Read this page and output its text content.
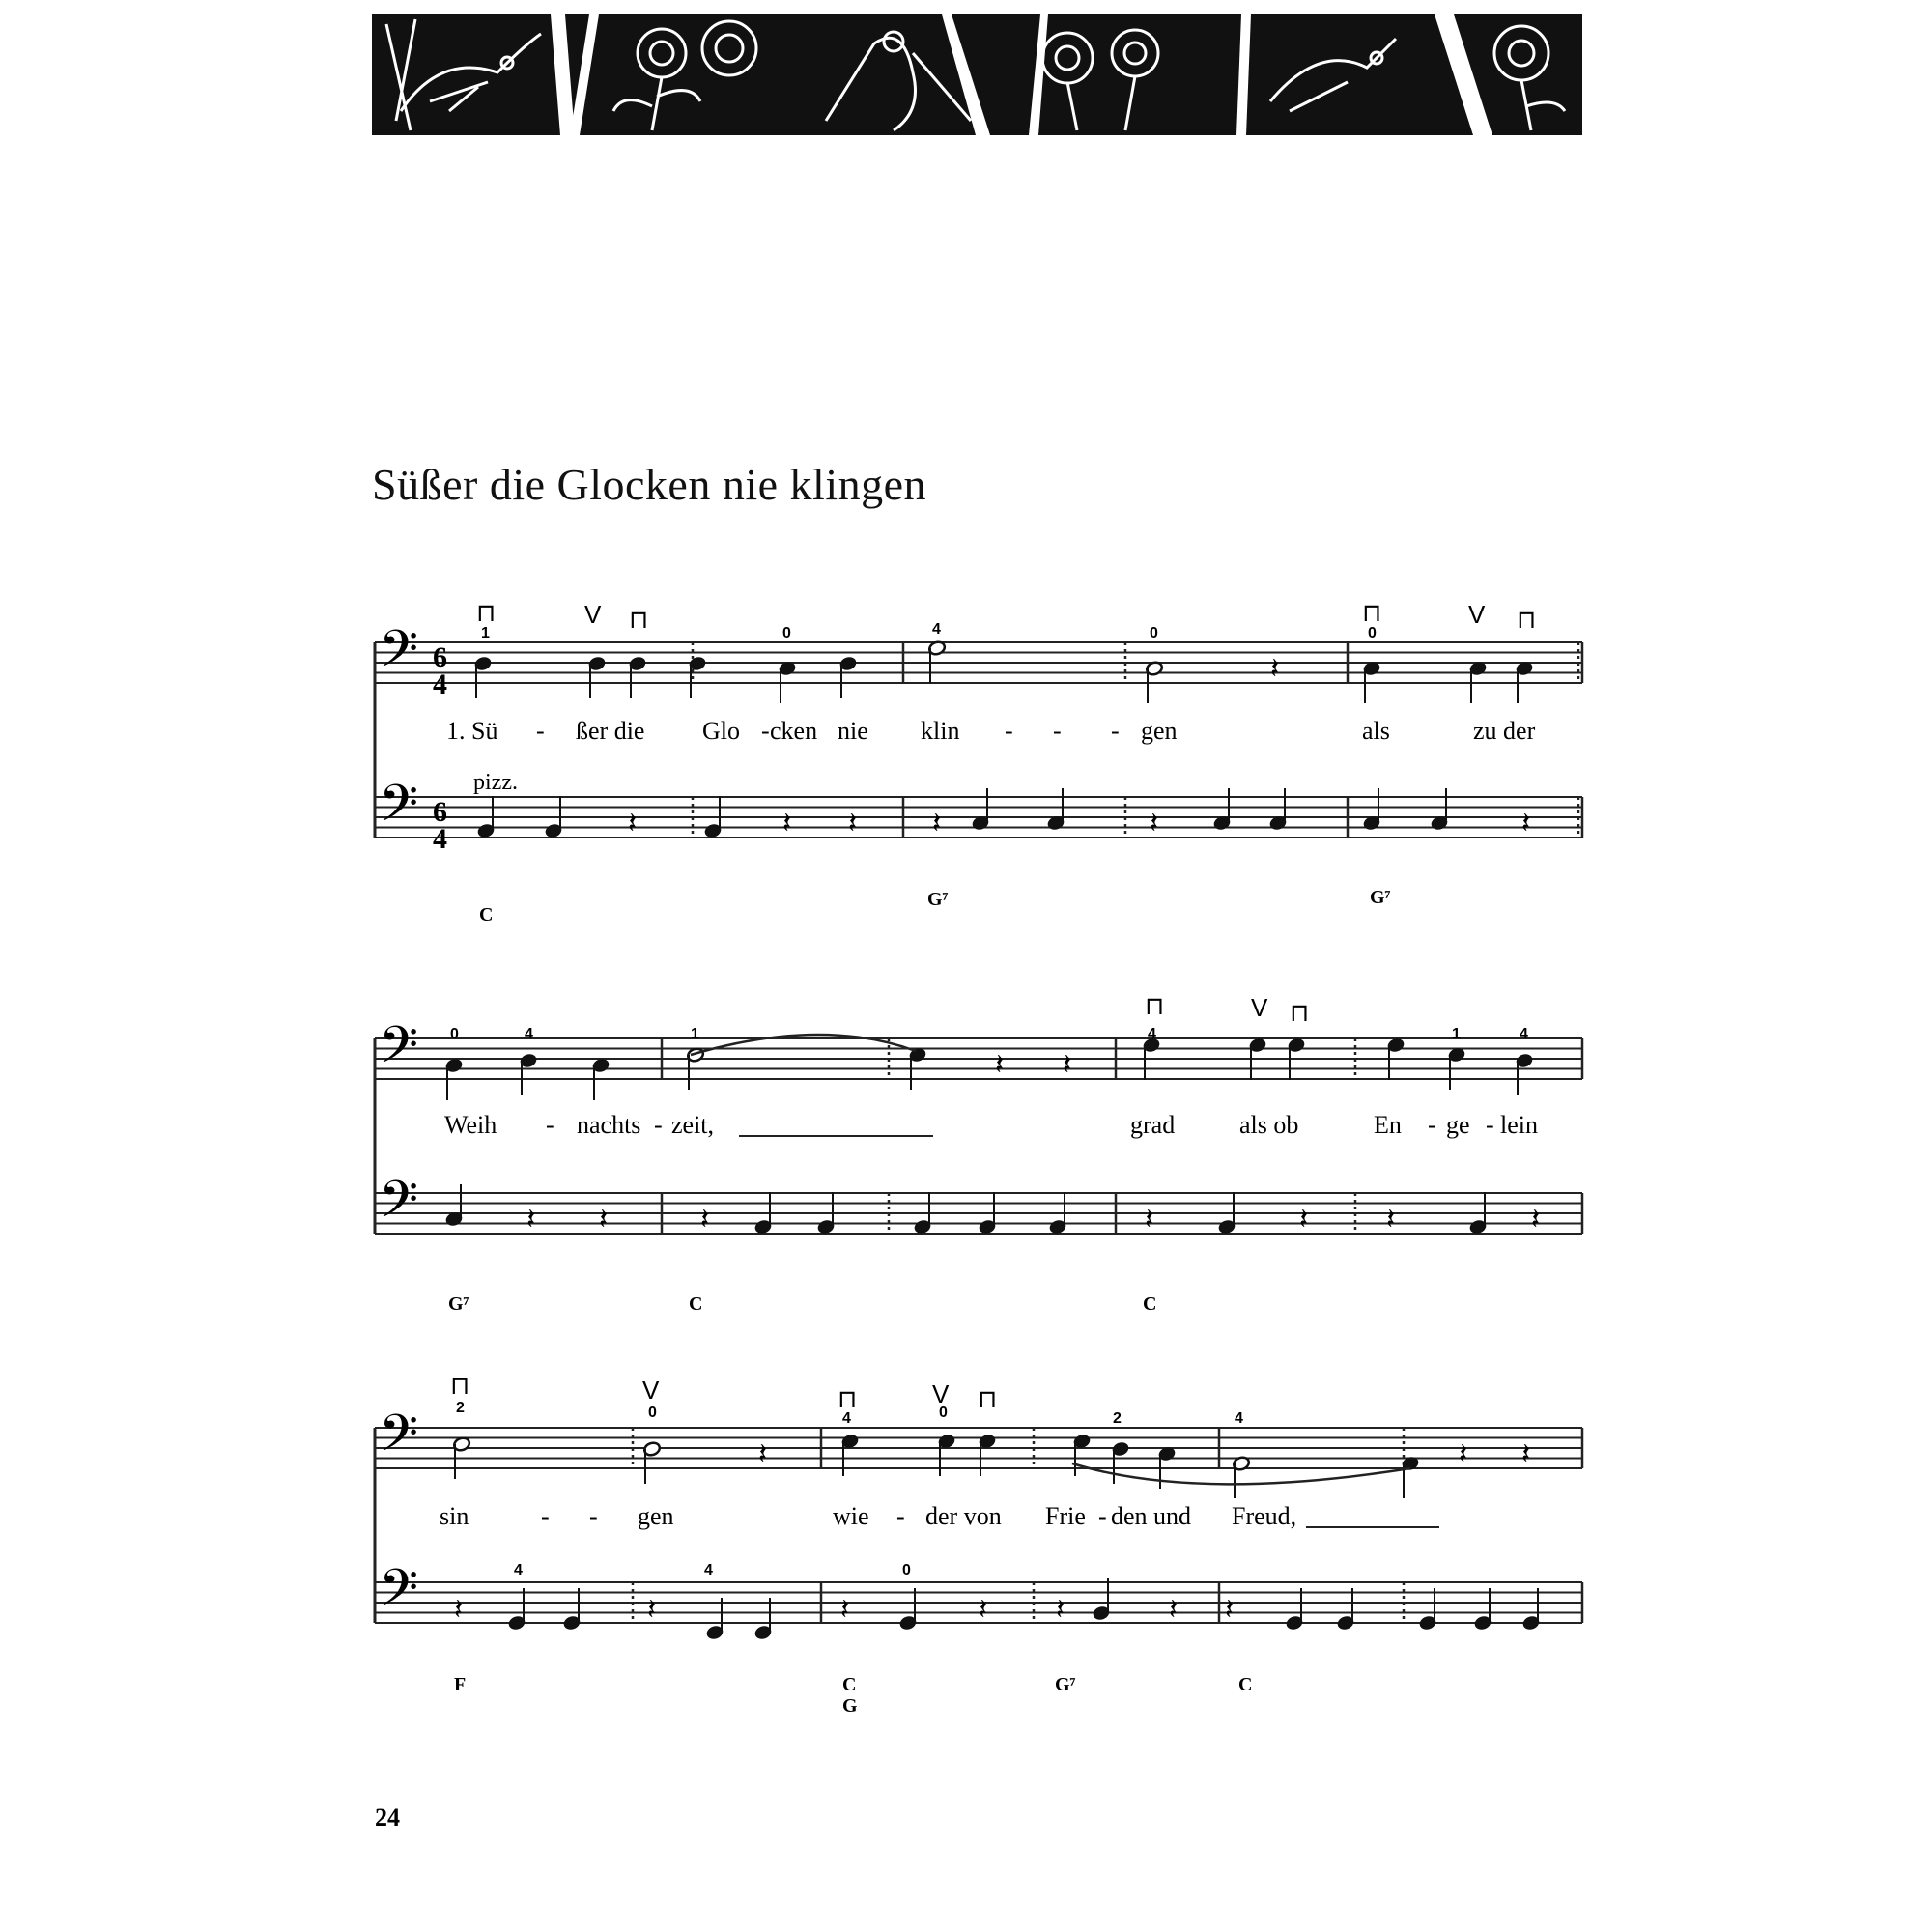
Süßer die Glocken nie klingen
𝄽
𝄽	𝄽 𝄽	𝄽	𝄽	𝄽
𝄽 𝄽
𝄽 𝄽	𝄽	𝄽	𝄽	𝄽	𝄽
𝄽	𝄽 𝄽
𝄽	𝄽	𝄽	𝄽 𝄽	𝄽 𝄽
𝄢
𝄢
𝄢
𝄢
𝄢
𝄢
6
4
6
4
⊓	V ⊓	⊓	V ⊓
⊓	V ⊓
⊓	V	⊓	V ⊓
1	0	4	0	0
0	4	1	4	1	4
2	0	4	0	2	4
4	4	0
pizz.
1. Sü - ßer die Glo - cken nie klin - - - gen	als	zu der
Weih - nachts - zeit,	grad	als ob	En - ge - lein
sin	- - gen	wie - der von Frie - den und Freud,
C
G⁷	G⁷
G⁷	C	C
F	C
G
G⁷	C
24
